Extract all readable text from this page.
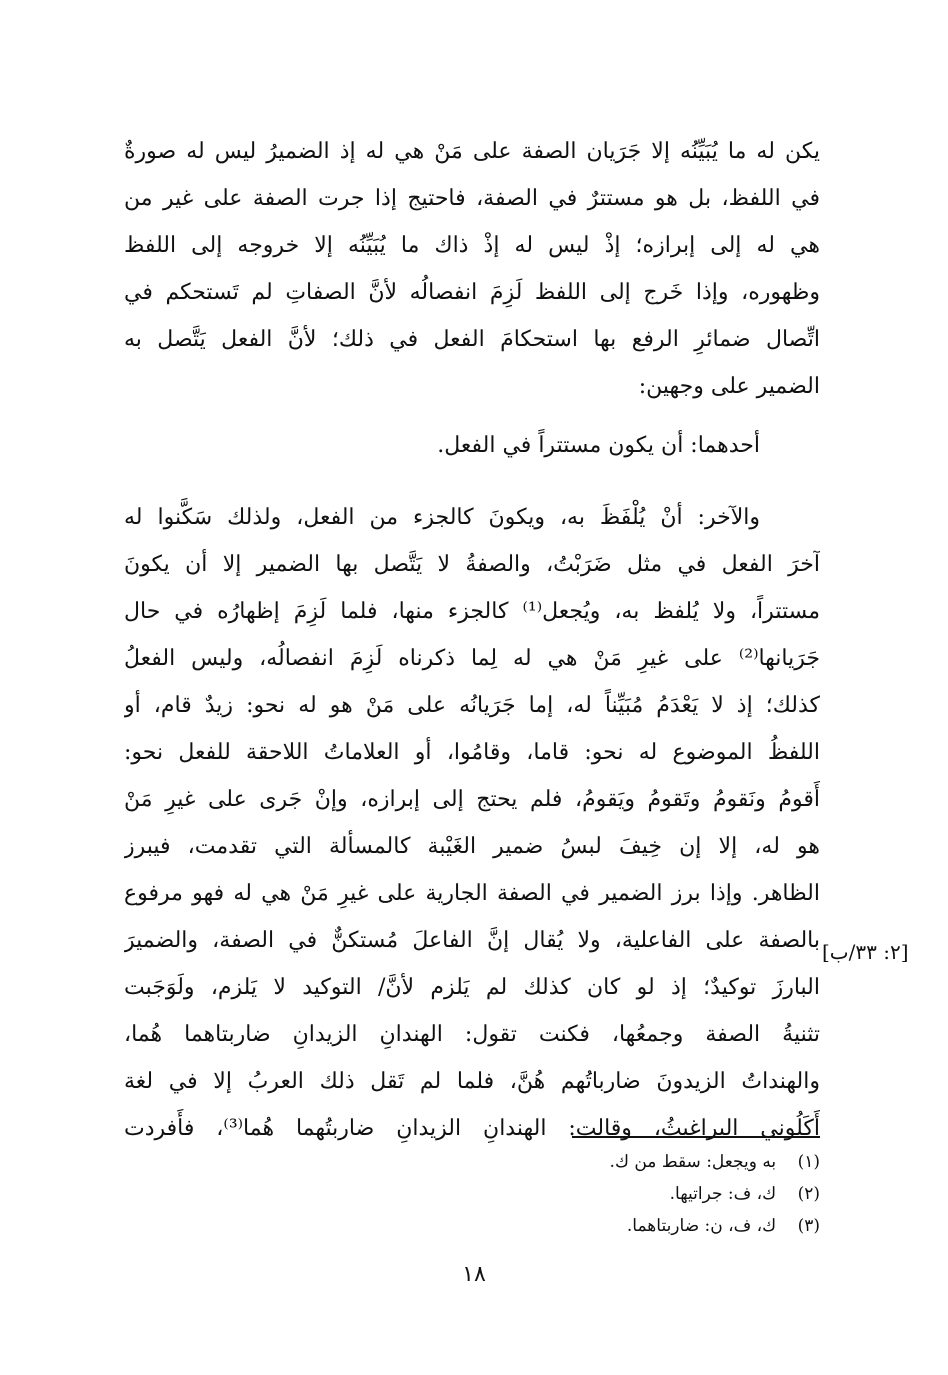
يكن له ما يُبَيِّنُه إلا جَرَيان الصفة على مَنْ هي له إذ الضميرُ ليس له صورةٌ
في اللفظ، بل هو مستترٌ في الصفة، فاحتيج إذا جرت الصفة على غير من
هي له إلى إبرازه؛ إذْ ليس له إذْ ذاك ما يُبَيِّنُه إلا خروجه إلى اللفظ
وظهوره، وإذا خَرج إلى اللفظ لَزِمَ انفصالُه لأنَّ الصفاتِ لم تَستحكم في
اتِّصال ضمائرِ الرفع بها استحكامَ الفعل في ذلك؛ لأنَّ الفعل يَتَّصل به
الضمير على وجهين:
أحدهما: أن يكون مستتراً في الفعل.
والآخر: أنْ يُلْفَظَ به، ويكونَ كالجزء من الفعل، ولذلك سَكَّنوا له
آخرَ الفعل في مثل ضَرَبْتُ، والصفةُ لا يَتَّصل بها الضمير إلا أن يكونَ
مستتراً، ولا يُلفظ به، ويُجعل⁽¹⁾ كالجزء منها، فلما لَزِمَ إظهارُه في حال
جَرَيانها⁽²⁾ على غيرِ مَنْ هي له لِما ذكرناه لَزِمَ انفصالُه، وليس الفعلُ
كذلك؛ إذ لا يَعْدَمُ مُبَيِّناً له، إما جَرَيانُه على مَنْ هو له نحو: زيدٌ قام، أو
اللفظُ الموضوع له نحو: قاما، وقامُوا، أو العلاماتُ اللاحقة للفعل نحو:
أَقومُ ونَقومُ وتَقومُ ويَقومُ، فلم يحتج إلى إبرازه، وإنْ جَرى على غيرِ مَنْ
هو له، إلا إن خِيفَ لبسُ ضمير الغَيْبة كالمسألة التي تقدمت، فيبرز
الظاهر. وإذا برز الضمير في الصفة الجارية على غيرِ مَنْ هي له فهو مرفوع
بالصفة على الفاعلية، ولا يُقال إنَّ الفاعلَ مُستكنٌّ في الصفة، والضميرَ
البارزَ توكيدٌ؛ إذ لو كان كذلك لم يَلزم لأنَّ/ التوكيد لا يَلزم، ولَوَجَبت
تثنيةُ الصفة وجمعُها، فكنت تقول: الهندانِ الزيدانِ ضاربتاهما هُما،
والهنداتُ الزيدونَ ضارباتُهم هُنَّ، فلما لم تَقل ذلك العربُ إلا في لغة
أَكَلُوني البراغيثُ، وقالت: الهندانِ الزيدانِ ضاربتُهما هُما⁽³⁾، فأَفردت
[٢: ٣٣/ب]
(١) به ويجعل: سقط من ك.
(٢) ك، ف: جراتيها.
(٣) ك، ف، ن: ضاربتاهما.
١٨
